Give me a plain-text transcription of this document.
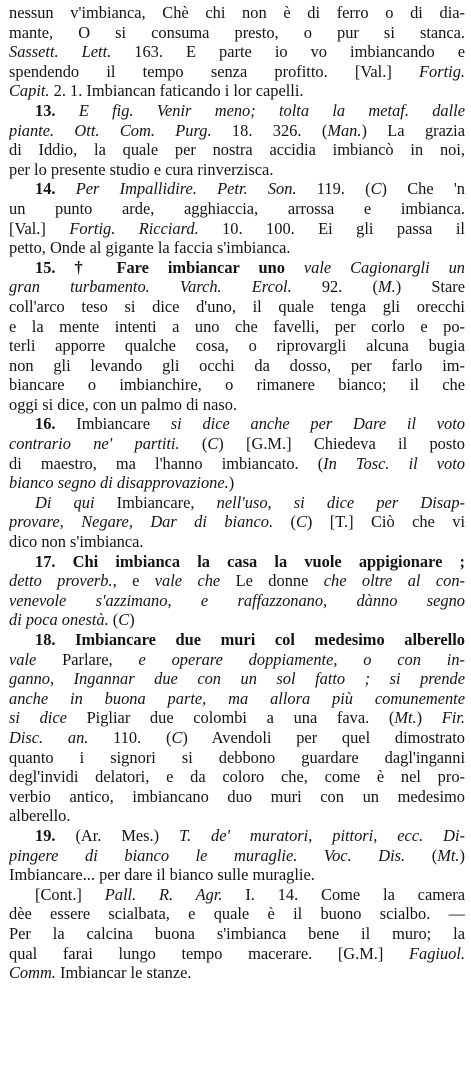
nessun v'imbianca, Chè chi non è di ferro o di dia-
mante, O si consuma presto, o pur si stanca.
Sassett. Lett. 163. E parte io vo imbiancando e
spendendo il tempo senza profitto. [Val.] Fortig.
Capit. 2. 1. Imbiancan faticando i lor capelli.
13. E fig. Venir meno; tolta la metaf. dalle
piante. Ott. Com. Purg. 18. 326. (Man.) La grazia
di Iddio, la quale per nostra accidia imbiancò in noi,
per lo presente studio e cura rinverzisca.
14. Per Impallidire. Petr. Son. 119. (C) Che 'n
un punto arde, agghiaccia, arrossa e imbianca.
[Val.] Fortig. Ricciard. 10. 100. Ei gli passa il
petto, Onde al gigante la faccia s'imbianca.
15. † Fare imbiancar uno vale Cagionargli un
gran turbamento. Varch. Ercol. 92. (M.) Stare
coll'arco teso si dice d'uno, il quale tenga gli orecchi
e la mente intenti a uno che favelli, per corlo e po-
terli apporre qualche cosa, o riprovargli alcuna bugia
non gli levando gli occhi da dosso, per farlo im-
biancare o imbianchire, o rimanere bianco; il che
oggi si dice, con un palmo di naso.
16. Imbiancare si dice anche per Dare il voto
contrario ne' partiti. (C) [G.M.] Chiedeva il posto
di maestro, ma l'hanno imbiancato. (In Tosc. il voto
bianco segno di disapprovazione.)
Di qui Imbiancare, nell'uso, si dice per Disap-
provare, Negare, Dar di bianco. (C) [T.] Ciò che vi
dico non s'imbianca.
17. Chi imbianca la casa la vuole appigionare ;
detto proverb., e vale che Le donne che oltre al con-
venevole s'azzimano, e raffazzonano, dànno segno
di poca onestà. (C)
18. Imbiancare due muri col medesimo alberello
vale Parlare, e operare doppiamente, o con in-
ganno, Ingannar due con un sol fatto ; si prende
anche in buona parte, ma allora più comunemente
si dice Pigliar due colombi a una fava. (Mt.) Fir.
Disc. an. 110. (C) Avendoli per quel dimostrato
quanto i signori si debbono guardare dagl'inganni
degl'invidi delatori, e da coloro che, come è nel pro-
verbio antico, imbiancano duo muri con un medesimo
alberello.
19. (Ar. Mes.) T. de' muratori, pittori, ecc. Di-
pingere di bianco le muraglie. Voc. Dis. (Mt.)
Imbiancare... per dare il bianco sulle muraglie.
[Cont.] Pall. R. Agr. I. 14. Come la camera
dèe essere scialbata, e quale è il buono scialbo. —
Per la calcina buona s'imbianca bene il muro; la
qual farai lungo tempo macerare. [G.M.] Fagiuol.
Comm. Imbiancar le stanze.
